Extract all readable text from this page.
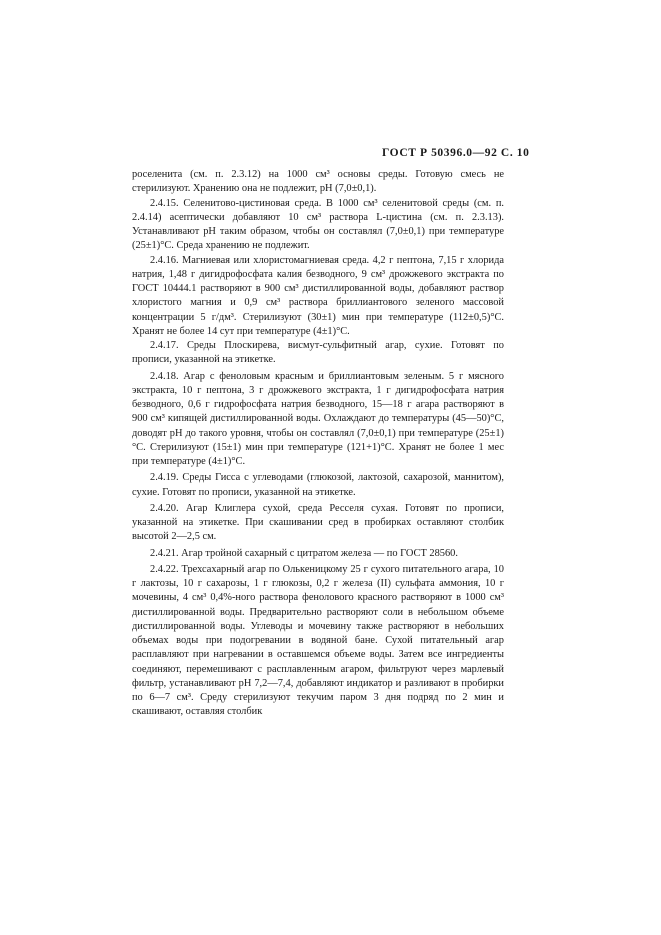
ГОСТ Р 50396.0—92 С. 10

роселенита (см. п. 2.3.12) на 1000 см³ основы среды. Готовую смесь не стерилизуют. Хранению она не подлежит, рН (7,0±0,1).

2.4.15. Селенитово-цистиновая среда. В 1000 см³ селенитовой среды (см. п. 2.4.14) асептически добавляют 10 см³ раствора L-цистина (см. п. 2.3.13). Устанавливают рН таким образом, чтобы он составлял (7,0±0,1) при температуре (25±1)°С. Среда хранению не подлежит.

2.4.16. Магниевая или хлористомагниевая среда. 4,2 г пептона, 7,15 г хлорида натрия, 1,48 г дигидрофосфата калия безводного, 9 см³ дрожжевого экстракта по ГОСТ 10444.1 растворяют в 900 см³ дистиллированной воды, добавляют раствор хлористого магния и 0,9 см³ раствора бриллиантового зеленого массовой концентрации 5 г/дм³. Стерилизуют (30±1) мин при температуре (112±0,5)°С. Хранят не более 14 сут при температуре (4±1)°С.

2.4.17. Среды Плоскирева, висмут-сульфитный агар, сухие. Готовят по прописи, указанной на этикетке.

2.4.18. Агар с феноловым красным и бриллиантовым зеленым. 5 г мясного экстракта, 10 г пептона, 3 г дрожжевого экстракта, 1 г дигидрофосфата натрия безводного, 0,6 г гидрофосфата натрия безводного, 15—18 г агара растворяют в 900 см³ кипящей дистиллированной воды. Охлаждают до температуры (45—50)°С, доводят рН до такого уровня, чтобы он составлял (7,0±0,1) при температуре (25±1)°С. Стерилизуют (15±1) мин при температуре (121+1)°С. Хранят не более 1 мес при температуре (4±1)°С.

2.4.19. Среды Гисса с углеводами (глюкозой, лактозой, сахарозой, маннитом), сухие. Готовят по прописи, указанной на этикетке.

2.4.20. Агар Клиглера сухой, среда Ресселя сухая. Готовят по прописи, указанной на этикетке. При скашивании сред в пробирках оставляют столбик высотой 2—2,5 см.

2.4.21. Агар тройной сахарный с цитратом железа — по ГОСТ 28560.

2.4.22. Трехсахарный агар по Олькеницкому 25 г сухого питательного агара, 10 г лактозы, 10 г сахарозы, 1 г глюкозы, 0,2 г железа (II) сульфата аммония, 10 г мочевины, 4 см³ 0,4%-ного раствора фенолового красного растворяют в 1000 см³ дистиллированной воды. Предварительно растворяют соли в небольшом объеме дистиллированной воды. Углеводы и мочевину также растворяют в небольших объемах воды при подогревании в водяной бане. Сухой питательный агар расплавляют при нагревании в оставшемся объеме воды. Затем все ингредиенты соединяют, перемешивают с расплавленным агаром, фильтруют через марлевый фильтр, устанавливают рН 7,2—7,4, добавляют индикатор и разливают в пробирки по 6—7 см³. Среду стерилизуют текучим паром 3 дня подряд по 2 мин и скашивают, оставляя столбик
